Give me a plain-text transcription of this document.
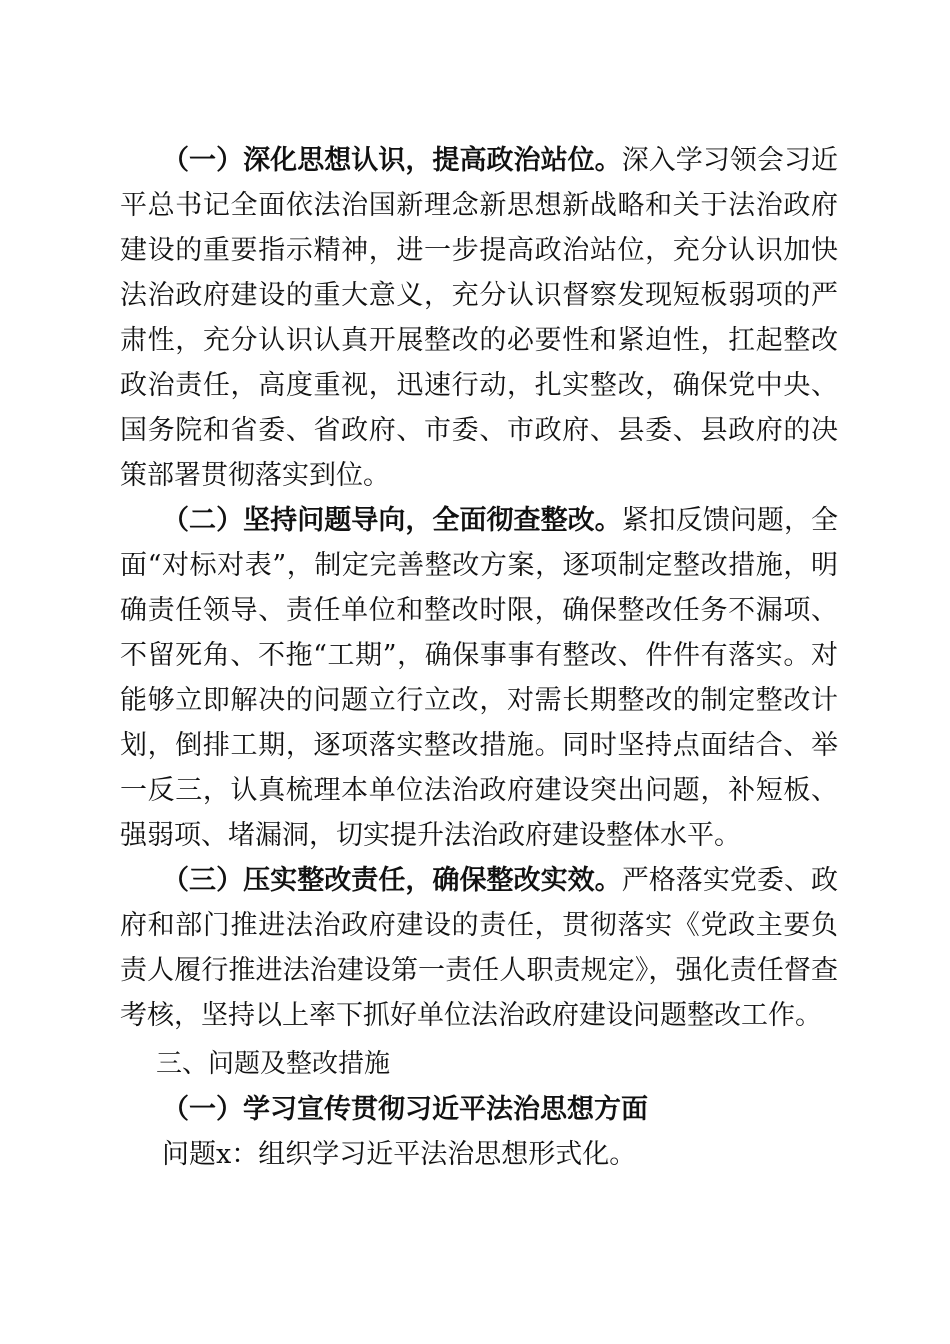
（一）深化思想认识，提高政治站位。深入学习领会习近平总书记全面依法治国新理念新思想新战略和关于法治政府建设的重要指示精神，进一步提高政治站位，充分认识加快法治政府建设的重大意义，充分认识督察发现短板弱项的严肃性，充分认识认真开展整改的必要性和紧迫性，扛起整改政治责任，高度重视，迅速行动，扎实整改，确保党中央、国务院和省委、省政府、市委、市政府、县委、县政府的决策部署贯彻落实到位。

（二）坚持问题导向，全面彻查整改。紧扣反馈问题，全面“对标对表”，制定完善整改方案，逐项制定整改措施，明确责任领导、责任单位和整改时限，确保整改任务不漏项、不留死角、不拖“工期”，确保事事有整改、件件有落实。对能够立即解决的问题立行立改，对需长期整改的制定整改计划，倒排工期，逐项落实整改措施。同时坚持点面结合、举一反三，认真梳理本单位法治政府建设突出问题，补短板、强弱项、堵漏洞，切实提升法治政府建设整体水平。

（三）压实整改责任，确保整改实效。严格落实党委、政府和部门推进法治政府建设的责任，贯彻落实《党政主要负责人履行推进法治建设第一责任人职责规定》，强化责任督查考核，坚持以上率下抓好单位法治政府建设问题整改工作。

三、问题及整改措施

（一）学习宣传贯彻习近平法治思想方面

问题x：组织学习近平法治思想形式化。
